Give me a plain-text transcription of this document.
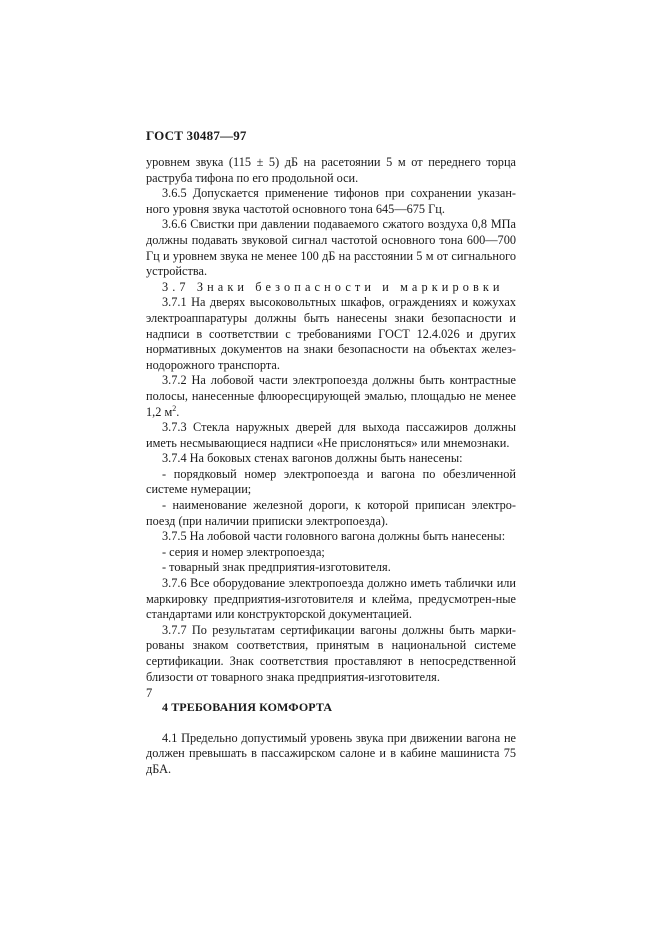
ГОСТ 30487—97

уровнем звука (115 ± 5) дБ на расетоянии 5 м от переднего торца раструба тифона по его продольной оси.

3.6.5 Допускается применение тифонов при сохранении указан-ного уровня звука частотой основного тона 645—675 Гц.

3.6.6 Свистки при давлении подаваемого сжатого воздуха 0,8 МПа должны подавать звуковой сигнал частотой основного тона 600—700 Гц и уровнем звука не менее 100 дБ на расстоянии 5 м от сигнального устройства.

3.7 Знаки безопасности и маркировки

3.7.1 На дверях высоковольтных шкафов, ограждениях и кожухах электроаппаратуры должны быть нанесены знаки безопасности и надписи в соответствии с требованиями ГОСТ 12.4.026 и других нормативных документов на знаки безопасности на объектах желез-нодорожного транспорта.

3.7.2 На лобовой части электропоезда должны быть контрастные полосы, нанесенные флюоресцирующей эмалью, площадью не менее 1,2 $м^2$.

3.7.3 Стекла наружных дверей для выхода пассажиров должны иметь несмывающиеся надписи «Не прислоняться» или мнемознаки.

3.7.4 На боковых стенах вагонов должны быть нанесены:

- порядковый номер электропоезда и вагона по обезличенной системе нумерации;

- наименование железной дороги, к которой приписан электро-поезд (при наличии приписки электропоезда).

3.7.5 На лобовой части головного вагона должны быть нанесены:

- серия и номер электропоезда;

- товарный знак предприятия-изготовителя.

3.7.6 Все оборудование электропоезда должно иметь таблички или маркировку предприятия-изготовителя и клейма, предусмотрен-ные стандартами или конструкторской документацией.

3.7.7 По результатам сертификации вагоны должны быть марки-рованы знаком соответствия, принятым в национальной системе сертификации. Знак соответствия проставляют в непосредственной близости от товарного знака предприятия-изготовителя.

4 ТРЕБОВАНИЯ КОМФОРТА

4.1 Предельно допустимый уровень звука при движении вагона не должен превышать в пассажирском салоне и в кабине машиниста 75 дБА.

7
